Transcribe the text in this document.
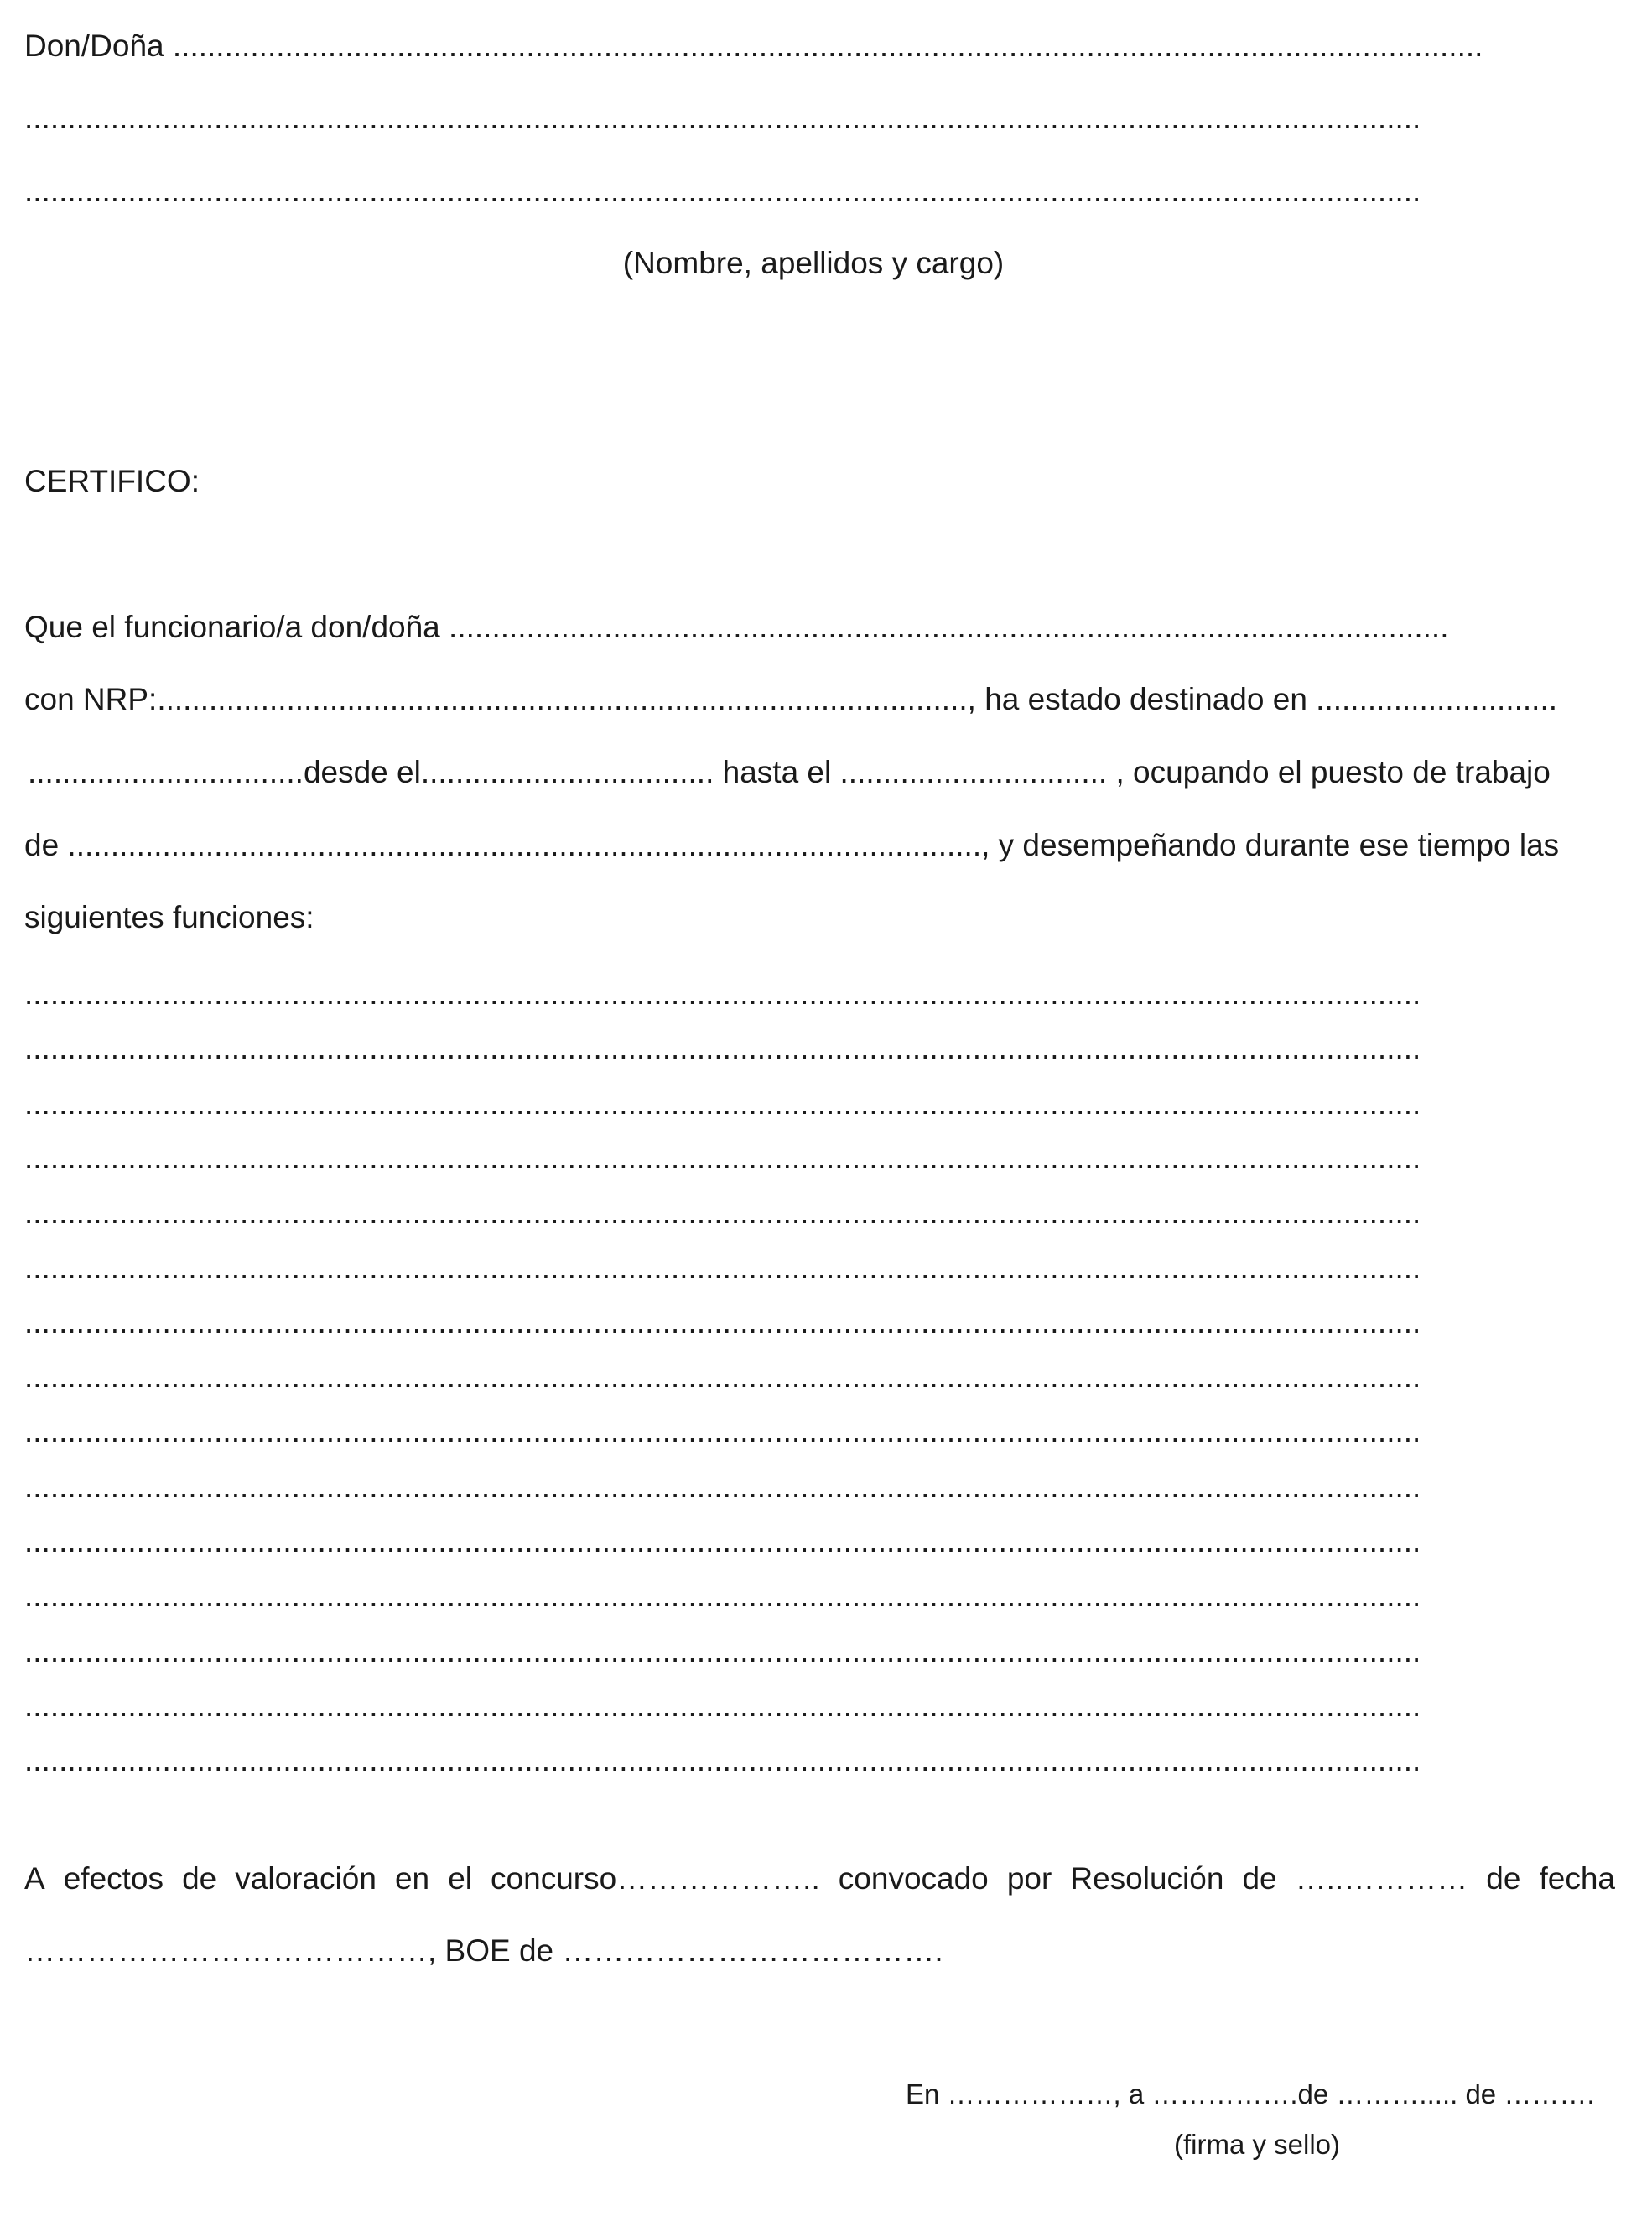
Don/Doña ........................................................................................................................................................
..................................................................................................................................................................
..................................................................................................................................................................
(Nombre, apellidos y cargo)
CERTIFICO:
Que el funcionario/a don/doña ....................................................................................................................
con NRP:.............................................................................................., ha estado destinado en ............................
................................desde el.................................. hasta el ............................... , ocupando el puesto de trabajo
de .........................................................................................................., y desempeñando durante ese tiempo las
siguientes funciones:
..................................................................................................................................................................
..................................................................................................................................................................
..................................................................................................................................................................
..................................................................................................................................................................
..................................................................................................................................................................
..................................................................................................................................................................
..................................................................................................................................................................
..................................................................................................................................................................
..................................................................................................................................................................
..................................................................................................................................................................
..................................................................................................................................................................
..................................................................................................................................................................
..................................................................................................................................................................
..................................................................................................................................................................
..................................................................................................................................................................
A efectos de valoración en el concurso……………….. convocado por Resolución de …..………… de fecha
…………………………………, BOE de ……………………………….
En ………………, a …………….de ………..... de ……….
(firma y sello)
